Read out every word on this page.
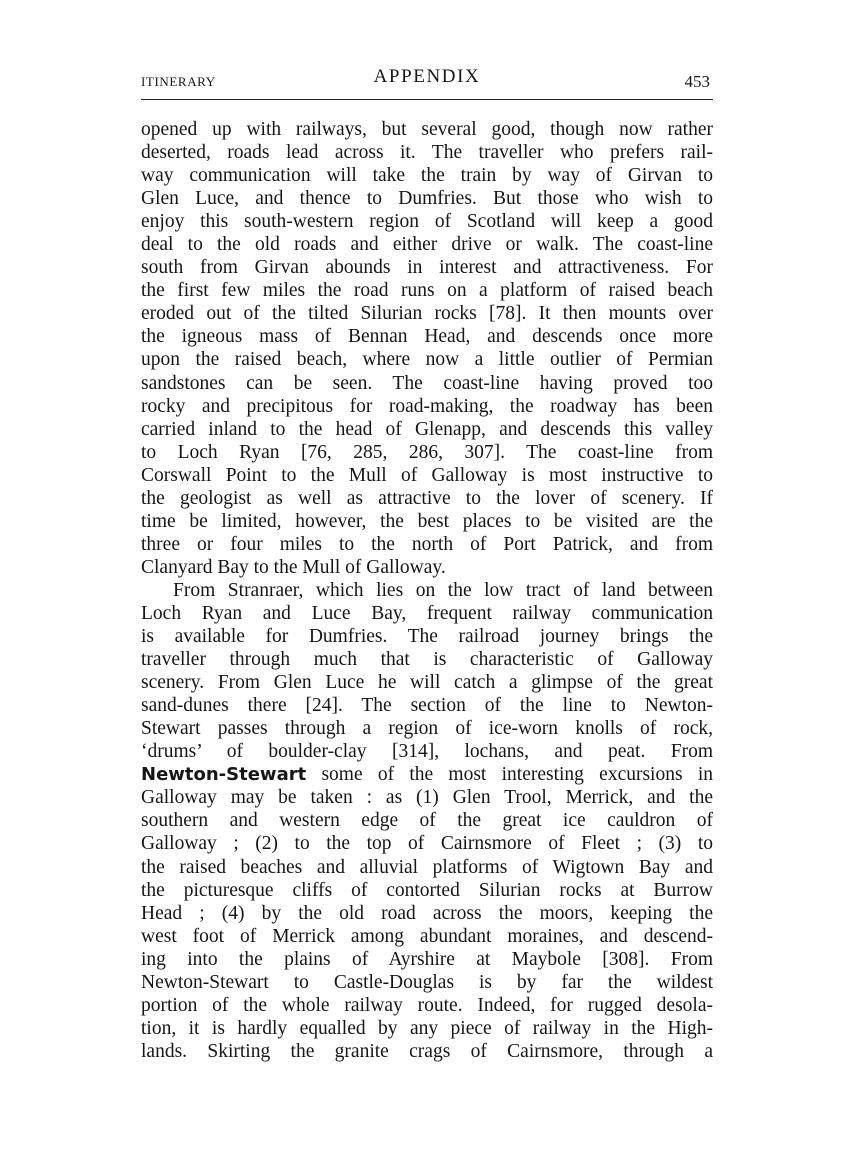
ITINERARY	APPENDIX	453
opened up with railways, but several good, though now rather
deserted, roads lead across it. The traveller who prefers rail-
way communication will take the train by way of Girvan to
Glen Luce, and thence to Dumfries. But those who wish to
enjoy this south-western region of Scotland will keep a good
deal to the old roads and either drive or walk. The coast-line
south from Girvan abounds in interest and attractiveness. For
the first few miles the road runs on a platform of raised beach
eroded out of the tilted Silurian rocks [78]. It then mounts over
the igneous mass of Bennan Head, and descends once more
upon the raised beach, where now a little outlier of Permian
sandstones can be seen. The coast-line having proved too
rocky and precipitous for road-making, the roadway has been
carried inland to the head of Glenapp, and descends this valley
to Loch Ryan [76, 285, 286, 307]. The coast-line from
Corswall Point to the Mull of Galloway is most instructive to
the geologist as well as attractive to the lover of scenery. If
time be limited, however, the best places to be visited are the
three or four miles to the north of Port Patrick, and from
Clanyard Bay to the Mull of Galloway.
From Stranraer, which lies on the low tract of land between
Loch Ryan and Luce Bay, frequent railway communication
is available for Dumfries. The railroad journey brings the
traveller through much that is characteristic of Galloway
scenery. From Glen Luce he will catch a glimpse of the great
sand-dunes there [24]. The section of the line to Newton-
Stewart passes through a region of ice-worn knolls of rock,
‘drums’ of boulder-clay [314], lochans, and peat. From
Newton-Stewart some of the most interesting excursions in
Galloway may be taken : as (1) Glen Trool, Merrick, and the
southern and western edge of the great ice cauldron of
Galloway ; (2) to the top of Cairnsmore of Fleet ; (3) to
the raised beaches and alluvial platforms of Wigtown Bay and
the picturesque cliffs of contorted Silurian rocks at Burrow
Head ; (4) by the old road across the moors, keeping the
west foot of Merrick among abundant moraines, and descend-
ing into the plains of Ayrshire at Maybole [308]. From
Newton-Stewart to Castle-Douglas is by far the wildest
portion of the whole railway route. Indeed, for rugged desola-
tion, it is hardly equalled by any piece of railway in the High-
lands. Skirting the granite crags of Cairnsmore, through a
